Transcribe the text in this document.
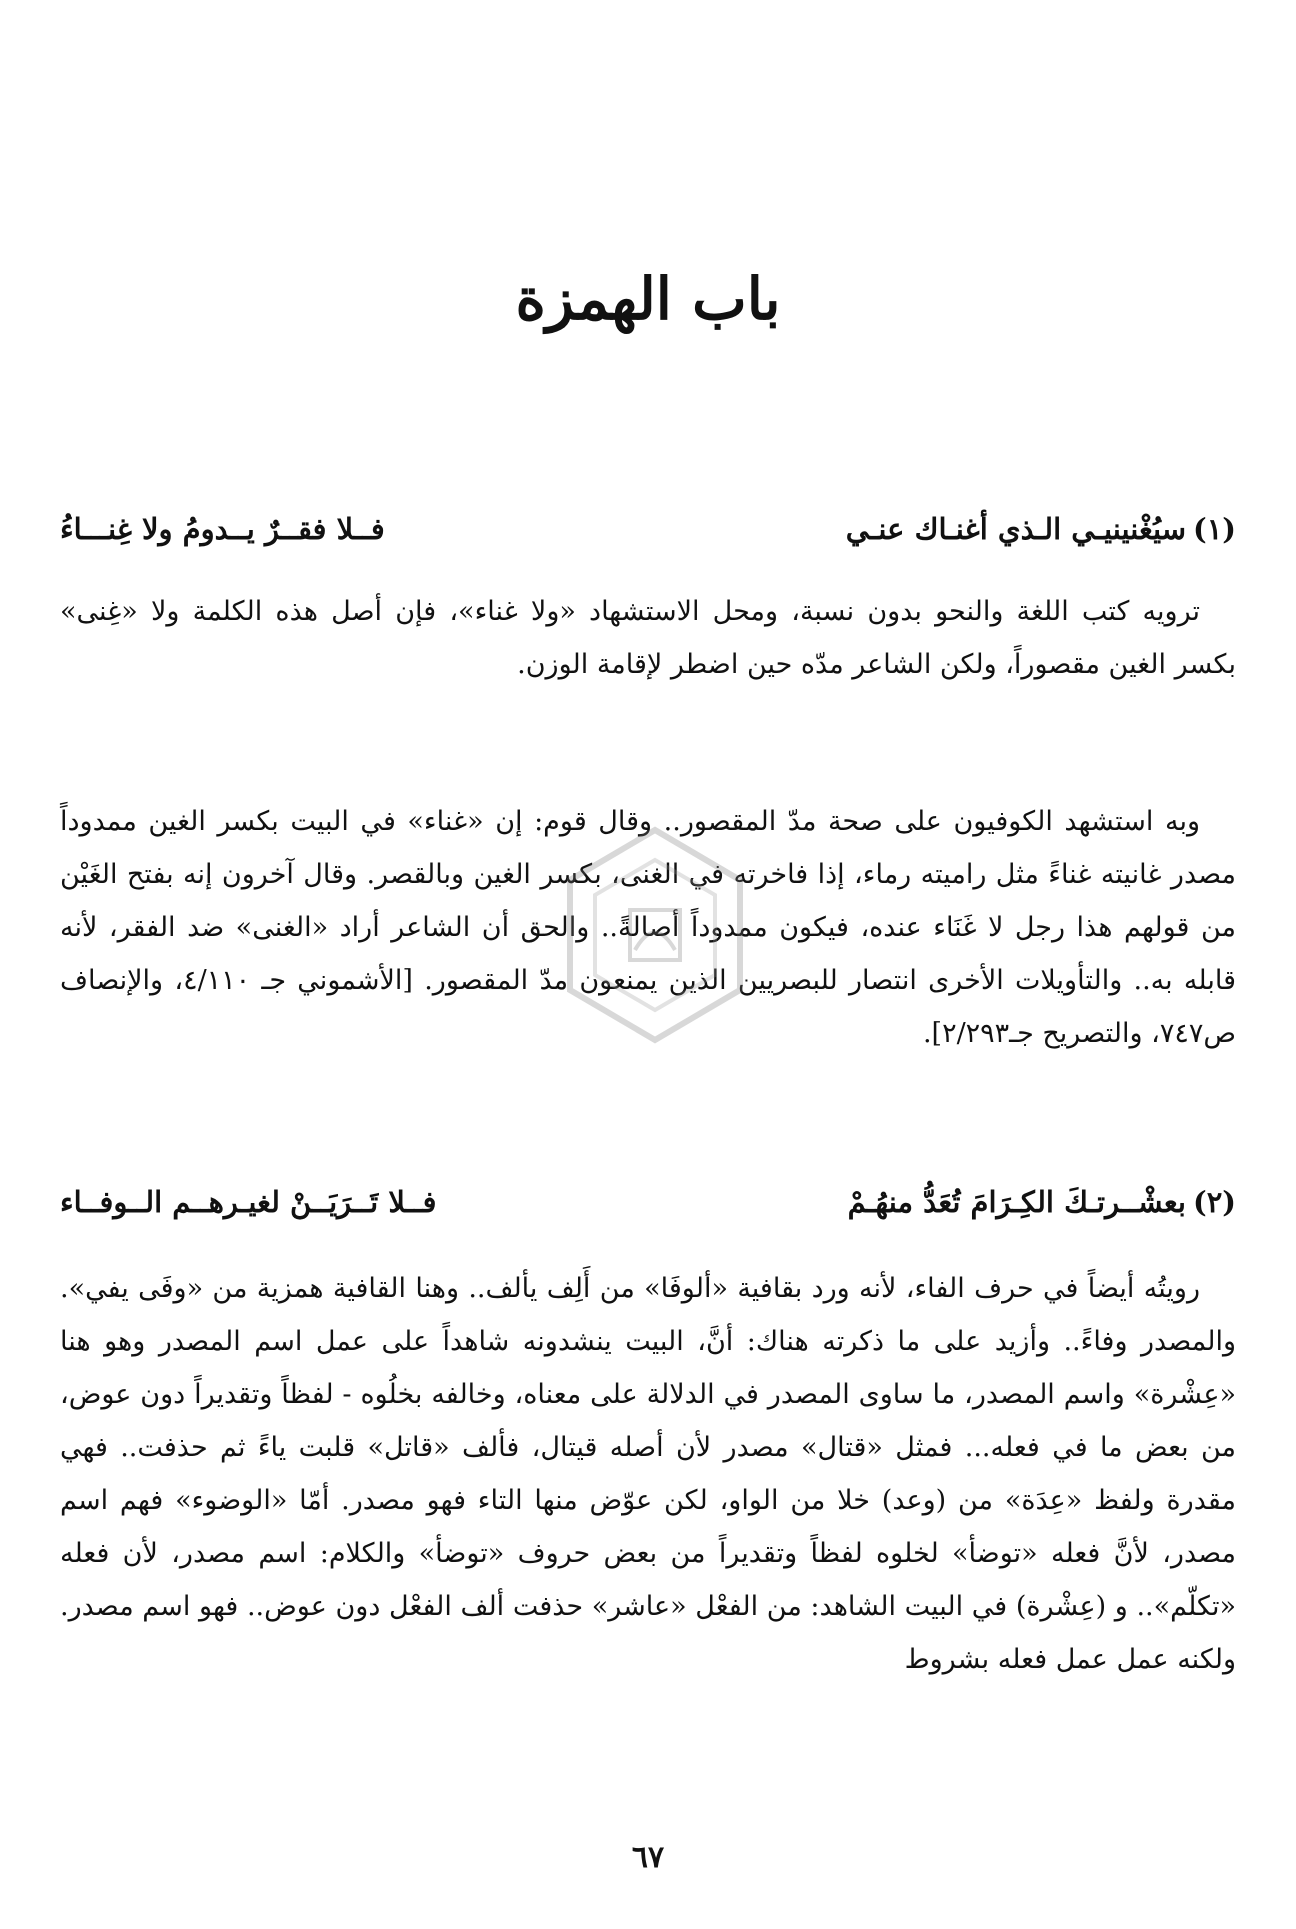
باب الهمزة
(١)
سيُغْنينيـي الـذي أغنـاك عنـي
فــلا فقــرٌ يــدومُ ولا غِنـــاءُ

ترويه كتب اللغة والنحو بدون نسبة، ومحل الاستشهاد «ولا غناء»، فإن أصل هذه الكلمة ولا «غِنى» بكسر الغين مقصوراً، ولكن الشاعر مدّه حين اضطر لإقامة الوزن.

وبه استشهد الكوفيون على صحة مدّ المقصور.. وقال قوم: إن «غناء» في البيت بكسر الغين ممدوداً مصدر غانيته غناءً مثل راميته رماء، إذا فاخرته في الغنى، بكسر الغين وبالقصر. وقال آخرون إنه بفتح الغَيْن من قولهم هذا رجل لا غَنَاء عنده، فيكون ممدوداً أصالةً.. والحق أن الشاعر أراد «الغنى» ضد الفقر، لأنه قابله به.. والتأويلات الأخرى انتصار للبصريين الذين يمنعون مدّ المقصور. [الأشموني جـ ٤/١١٠، والإنصاف ص٧٤٧، والتصريح جـ٢/٢٩٣].

(٢)
بعشْــرتـكَ الكِـرَامَ تُعَدُّ منهُـمْ
فــلا تَــرَيَــنْ لغيـرهــم الــوفــاء

رويتُه أيضاً في حرف الفاء، لأنه ورد بقافية «ألوفَا» من أَلِف يألف.. وهنا القافية همزية من «وفَى يفي». والمصدر وفاءً.. وأزيد على ما ذكرته هناك: أنَّ، البيت ينشدونه شاهداً على عمل اسم المصدر وهو هنا «عِشْرة» واسم المصدر، ما ساوى المصدر في الدلالة على معناه، وخالفه بخلُوه - لفظاً وتقديراً دون عوض، من بعض ما في فعله... فمثل «قتال» مصدر لأن أصله قيتال، فألف «قاتل» قلبت ياءً ثم حذفت.. فهي مقدرة ولفظ «عِدَة» من (وعد) خلا من الواو، لكن عوّض منها التاء فهو مصدر. أمّا «الوضوء» فهم اسم مصدر، لأنَّ فعله «توضأ» لخلوه لفظاً وتقديراً من بعض حروف «توضأ» والكلام: اسم مصدر، لأن فعله «تكلّم».. و (عِشْرة) في البيت الشاهد: من الفعْل «عاشر» حذفت ألف الفعْل دون عوض.. فهو اسم مصدر. ولكنه عمل عمل فعله بشروط

٦٧
